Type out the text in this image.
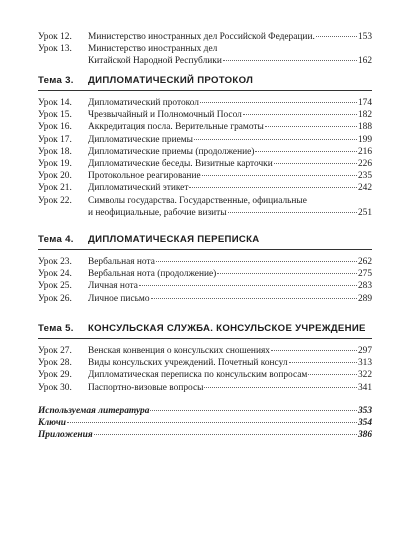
Урок 12.	Министерство иностранных дел Российской Федерации.	153
Урок 13.	Министерство иностранных дел
Китайской Народной Республики	162
Тема 3. ДИПЛОМАТИЧЕСКИЙ ПРОТОКОЛ
Урок 14.	Дипломатический протокол	174
Урок 15.	Чрезвычайный и Полномочный Посол	182
Урок 16.	Аккредитация посла. Верительные грамоты	188
Урок 17.	Дипломатические приемы	199
Урок 18.	Дипломатические приемы (продолжение)	216
Урок 19.	Дипломатические беседы. Визитные карточки	226
Урок 20.	Протокольное реагирование	235
Урок 21.	Дипломатический этикет	242
Урок 22.	Символы государства. Государственные, официальные
и неофициальные, рабочие визиты	251
Тема 4. ДИПЛОМАТИЧЕСКАЯ ПЕРЕПИСКА
Урок 23.	Вербальная нота	262
Урок 24.	Вербальная нота (продолжение)	275
Урок 25.	Личная нота	283
Урок 26.	Личное письмо	289
Тема 5. КОНСУЛЬСКАЯ СЛУЖБА. КОНСУЛЬСКОЕ УЧРЕЖДЕНИЕ
Урок 27.	Венская конвенция о консульских сношениях	297
Урок 28.	Виды консульских учреждений. Почетный консул	313
Урок 29.	Дипломатическая переписка по консульским вопросам	322
Урок 30.	Паспортно-визовые вопросы	341
Используемая литература	353
Ключи	354
Приложения	386
